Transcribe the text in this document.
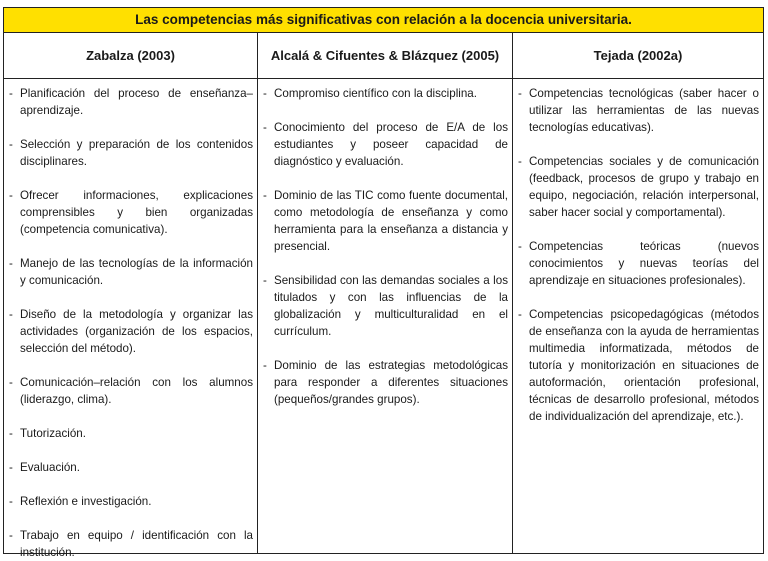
Las competencias más significativas con relación a la docencia universitaria.
Zabalza (2003)
- Planificación del proceso de enseñanza–aprendizaje.
- Selección y preparación de los contenidos disciplinares.
- Ofrecer informaciones, explicaciones comprensibles y bien organizadas (competencia comunicativa).
- Manejo de las tecnologías de la información y comunicación.
- Diseño de la metodología y organizar las actividades (organización de los espacios, selección del método).
- Comunicación–relación con los alumnos (liderazgo, clima).
- Tutorización.
- Evaluación.
- Reflexión e investigación.
- Trabajo en equipo / identificación con la institución.
Alcalá & Cifuentes & Blázquez (2005)
- Compromiso científico con la disciplina.
- Conocimiento del proceso de E/A de los estudiantes y poseer capacidad de diagnóstico y evaluación.
- Dominio de las TIC como fuente documental, como metodología de enseñanza y como herramienta para la enseñanza a distancia y presencial.
- Sensibilidad con las demandas sociales a los titulados y con las influencias de la globalización y multiculturalidad en el currículum.
- Dominio de las estrategias metodológicas para responder a diferentes situaciones (pequeños/grandes grupos).
Tejada (2002a)
- Competencias tecnológicas (saber hacer o utilizar las herramientas de las nuevas tecnologías educativas).
- Competencias sociales y de comunicación (feedback, procesos de grupo y trabajo en equipo, negociación, relación interpersonal, saber hacer social y comportamental).
- Competencias teóricas (nuevos conocimientos y nuevas teorías del aprendizaje en situaciones profesionales).
- Competencias psicopedagógicas (métodos de enseñanza con la ayuda de herramientas multimedia informatizada, métodos de tutoría y monitorización en situaciones de autoformación, orientación profesional, técnicas de desarrollo profesional, métodos de individualización del aprendizaje, etc.).
